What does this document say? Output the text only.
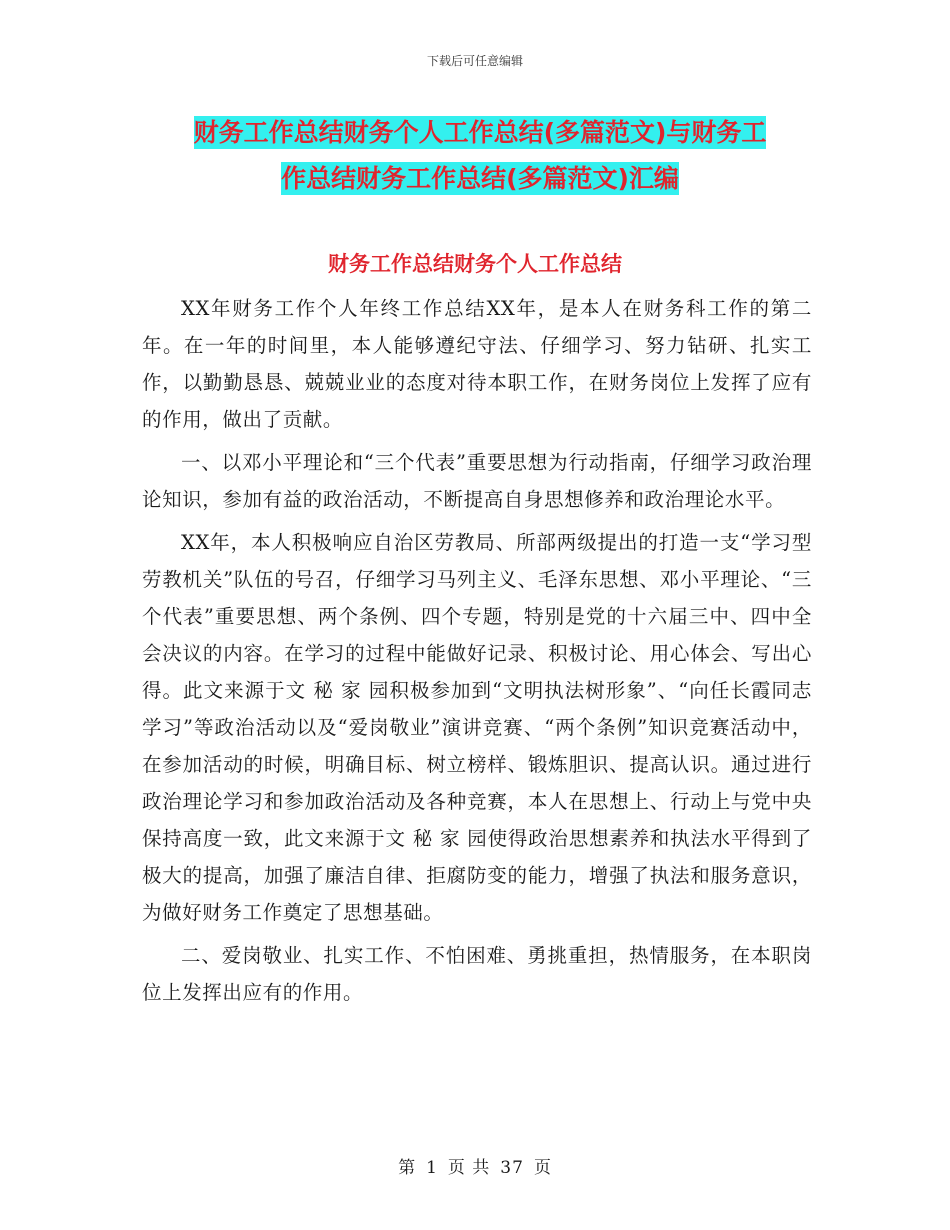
下载后可任意编辑
财务工作总结财务个人工作总结(多篇范文)与财务工
作总结财务工作总结(多篇范文)汇编
财务工作总结财务个人工作总结

XX年财务工作个人年终工作总结XX年，是本人在财务科工作的第二年。在一年的时间里，本人能够遵纪守法、仔细学习、努力钻研、扎实工作，以勤勤恳恳、兢兢业业的态度对待本职工作，在财务岗位上发挥了应有的作用，做出了贡献。

一、以邓小平理论和“三个代表”重要思想为行动指南，仔细学习政治理论知识，参加有益的政治活动，不断提高自身思想修养和政治理论水平。

XX年，本人积极响应自治区劳教局、所部两级提出的打造一支“学习型劳教机关”队伍的号召，仔细学习马列主义、毛泽东思想、邓小平理论、“三个代表”重要思想、两个条例、四个专题，特别是党的十六届三中、四中全会决议的内容。在学习的过程中能做好记录、积极讨论、用心体会、写出心得。此文来源于文 秘 家 园积极参加到“文明执法树形象”、“向任长霞同志学习”等政治活动以及“爱岗敬业”演讲竞赛、“两个条例”知识竞赛活动中，在参加活动的时候，明确目标、树立榜样、锻炼胆识、提高认识。通过进行政治理论学习和参加政治活动及各种竞赛，本人在思想上、行动上与党中央保持高度一致，此文来源于文 秘 家 园使得政治思想素养和执法水平得到了极大的提高，加强了廉洁自律、拒腐防变的能力，增强了执法和服务意识，为做好财务工作奠定了思想基础。

二、爱岗敬业、扎实工作、不怕困难、勇挑重担，热情服务，在本职岗位上发挥出应有的作用。

第 1 页 共 37 页
